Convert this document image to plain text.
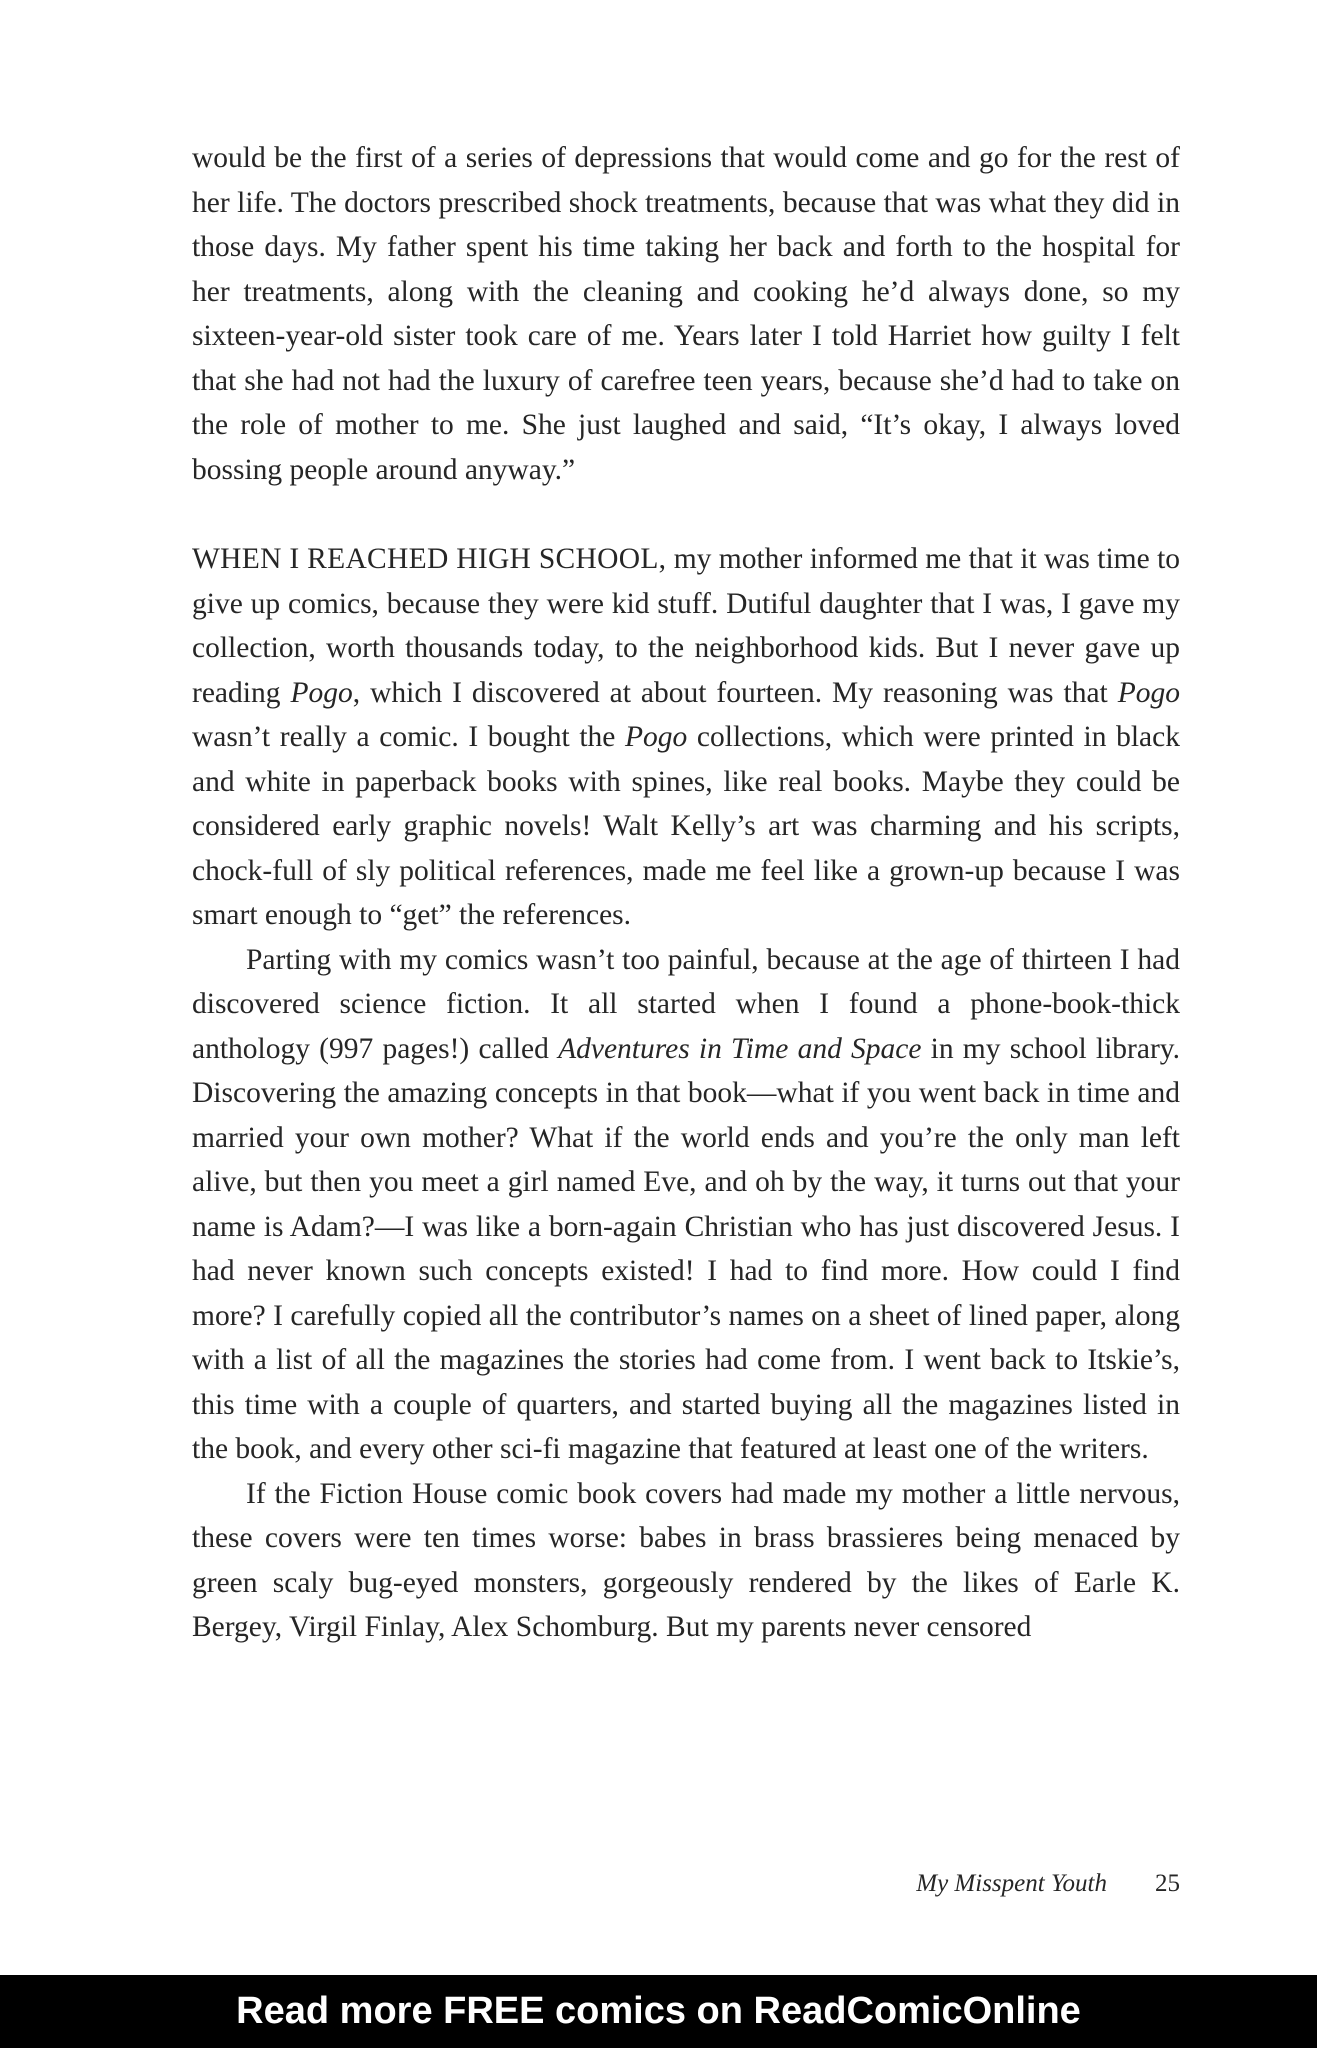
would be the first of a series of depressions that would come and go for the rest of her life. The doctors prescribed shock treatments, because that was what they did in those days. My father spent his time taking her back and forth to the hospital for her treatments, along with the cleaning and cooking he’d always done, so my sixteen-year-old sister took care of me. Years later I told Harriet how guilty I felt that she had not had the luxury of carefree teen years, because she’d had to take on the role of mother to me. She just laughed and said, “It’s okay, I always loved bossing people around anyway.”

WHEN I REACHED HIGH SCHOOL, my mother informed me that it was time to give up comics, because they were kid stuff. Dutiful daughter that I was, I gave my collection, worth thousands today, to the neighborhood kids. But I never gave up reading Pogo, which I discovered at about fourteen. My reasoning was that Pogo wasn’t really a comic. I bought the Pogo collections, which were printed in black and white in paperback books with spines, like real books. Maybe they could be considered early graphic novels! Walt Kelly’s art was charming and his scripts, chock-full of sly political references, made me feel like a grown-up because I was smart enough to “get” the references.

Parting with my comics wasn’t too painful, because at the age of thirteen I had discovered science fiction. It all started when I found a phone-book-thick anthology (997 pages!) called Adventures in Time and Space in my school library. Discovering the amazing concepts in that book—what if you went back in time and married your own mother? What if the world ends and you’re the only man left alive, but then you meet a girl named Eve, and oh by the way, it turns out that your name is Adam?—I was like a born-again Christian who has just discovered Jesus. I had never known such concepts existed! I had to find more. How could I find more? I carefully copied all the contributor’s names on a sheet of lined paper, along with a list of all the magazines the stories had come from. I went back to Itskie’s, this time with a couple of quarters, and started buying all the magazines listed in the book, and every other sci-fi magazine that featured at least one of the writers.

If the Fiction House comic book covers had made my mother a little nervous, these covers were ten times worse: babes in brass brassieres being menaced by green scaly bug-eyed monsters, gorgeously rendered by the likes of Earle K. Bergey, Virgil Finlay, Alex Schomburg. But my parents never censored

My Misspent Youth 25
Read more FREE comics on ReadComicOnline
